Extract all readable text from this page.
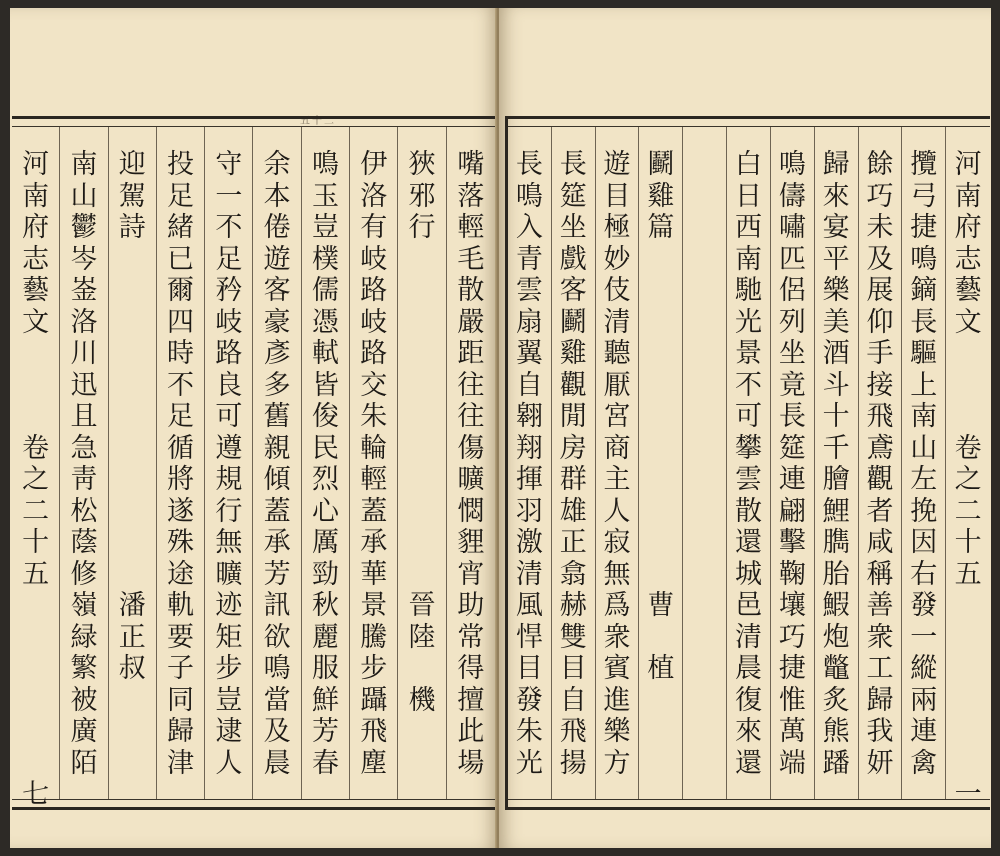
五十二
嘴
落
輕
毛
散
嚴
距
往
往
傷
曠
㦖
貍
宵
助
常
得
擅
此
場
狹
邪
行

晉
陸

機
伊
洛
有
岐
路
岐
路
交
朱
輪
輕
蓋
承
華
景
騰
步
躡
飛
塵
鳴
玉
豈
樸
儒
憑
軾
皆
俊
民
烈
心
厲
勁
秋
麗
服
鮮
芳
春
余
本
倦
遊
客
豪
彥
多
舊
親
傾
蓋
承
芳
訊
欲
鳴
當
及
晨
守
一
不
足
矜
岐
路
良
可
遵
規
行
無
曠
迹
矩
步
豈
逮
人
投
足
緒
已
爾
四
時
不
足
循
將
遂
殊
途
軌
要
子
同
歸
津
迎
駕
詩

潘
正
叔
南
山
鬱
岑
崟
洛
川
迅
且
急
靑
松
蔭
修
嶺
緑
繁
被
廣
陌
河
南
府
志
藝
文

卷
之
二
十
五

七
河
南
府
志
藝
文

卷
之
二
十
五

一
攬
弓
捷
鳴
鏑
長
驅
上
南
山
左
挽
因
右
發
一
縱
兩
連
禽
餘
巧
未
及
展
仰
手
接
飛
鳶
觀
者
咸
稱
善
衆
工
歸
我
妍
歸
來
宴
平
樂
美
酒
斗
十
千
膾
鯉
臇
胎
鰕
炮
鼈
炙
熊
蹯
鳴
儔
嘯
匹
侶
列
坐
竟
長
筵
連
翩
擊
鞠
壤
巧
捷
惟
萬
端
白
日
西
南
馳
光
景
不
可
攀
雲
散
還
城
邑
清
晨
復
來
還
鬬
雞
篇

曹

植
遊
目
極
妙
伎
清
聽
厭
宮
商
主
人
寂
無
爲
衆
賓
進
樂
方
長
筵
坐
戲
客
鬬
雞
觀
閒
房
群
雄
正
翕
赫
雙
目
自
飛
揚
長
鳴
入
青
雲
扇
翼
自
翱
翔
揮
羽
激
清
風
悍
目
發
朱
光
